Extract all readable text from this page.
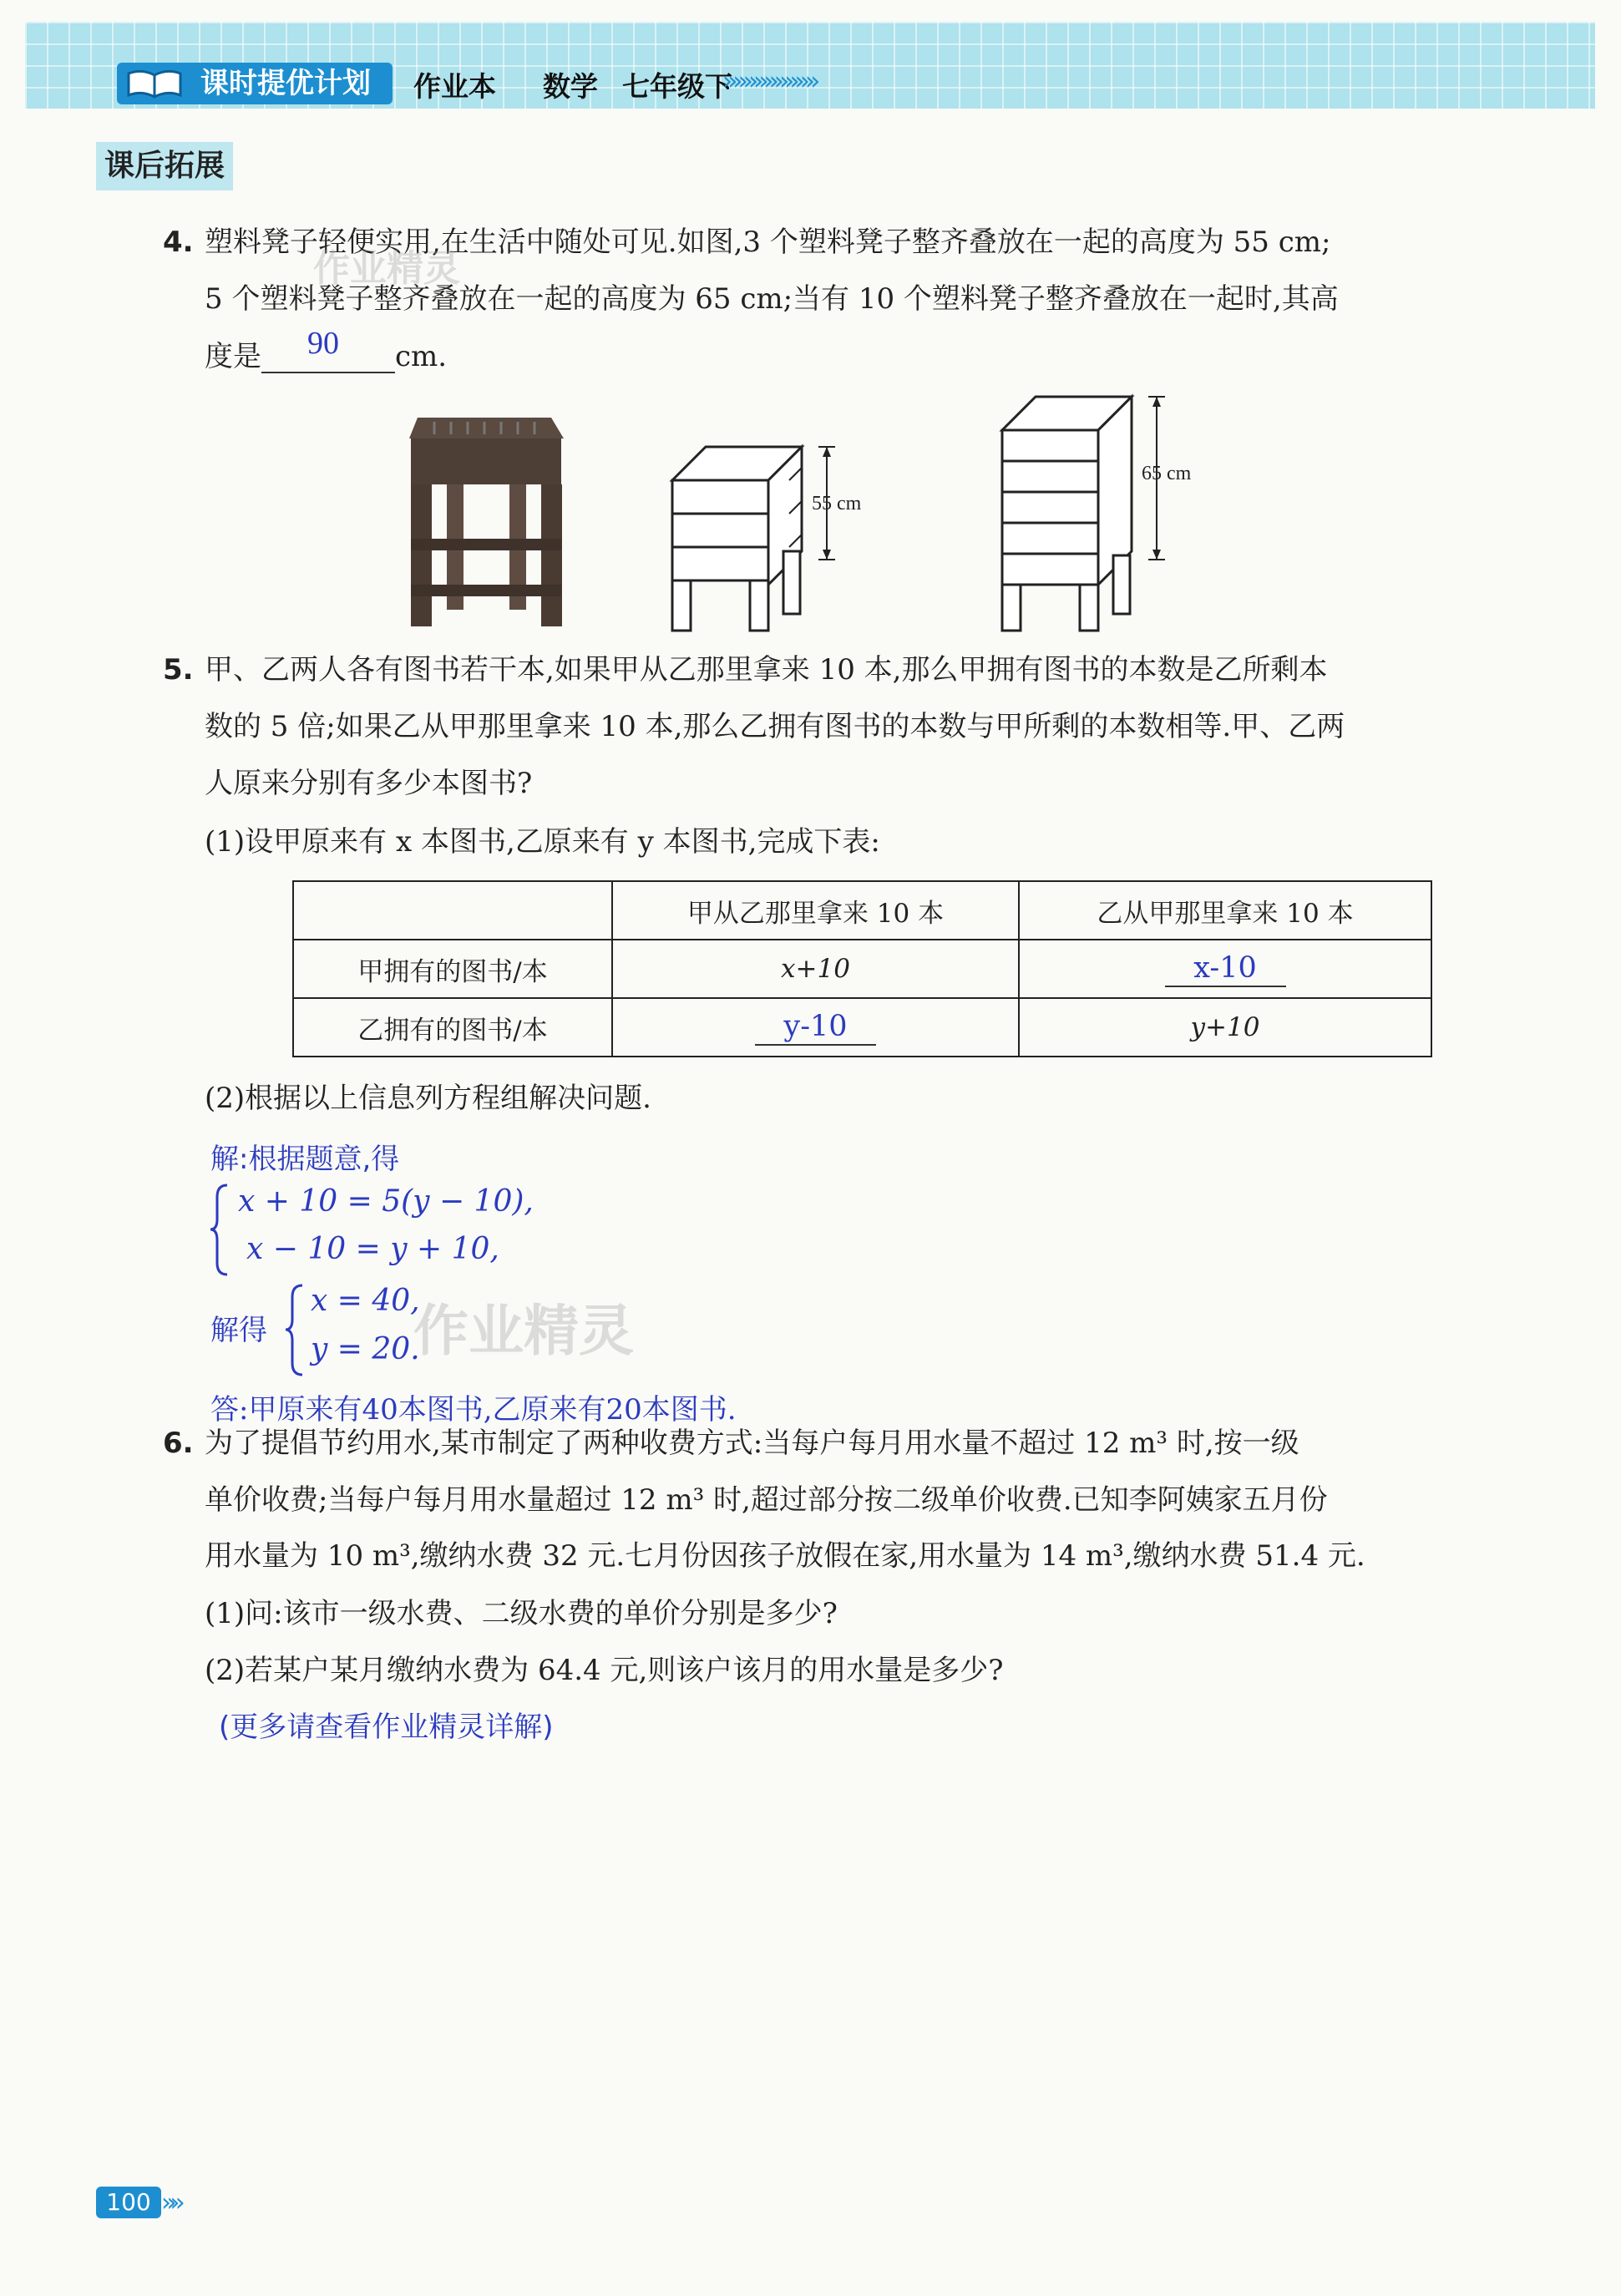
课时提优计划	作业本 数学 七年级下
»»»»»»»»»
课后拓展
4. 塑料凳子轻便实用,在生活中随处可见.如图,3 个塑料凳子整齐叠放在一起的高度为 55 cm;
5 个塑料凳子整齐叠放在一起的高度为 65 cm;当有 10 个塑料凳子整齐叠放在一起时,其高
度是 90 cm.
作业精灵
55 cm
65 cm
5. 甲、乙两人各有图书若干本,如果甲从乙那里拿来 10 本,那么甲拥有图书的本数是乙所剩本
数的 5 倍;如果乙从甲那里拿来 10 本,那么乙拥有图书的本数与甲所剩的本数相等.甲、乙两
人原来分别有多少本图书?
(1)设甲原来有 x 本图书,乙原来有 y 本图书,完成下表:
	甲从乙那里拿来 10 本	乙从甲那里拿来 10 本
甲拥有的图书/本	x+10	x-10
乙拥有的图书/本	y-10	y+10
(2)根据以上信息列方程组解决问题.
解:根据题意,得
x + 10 = 5(y − 10),
x − 10 = y + 10,
解得
x = 40,
y = 20.
作业精灵
答:甲原来有40本图书,乙原来有20本图书.
6. 为了提倡节约用水,某市制定了两种收费方式:当每户每月用水量不超过 12 m³ 时,按一级
单价收费;当每户每月用水量超过 12 m³ 时,超过部分按二级单价收费.已知李阿姨家五月份
用水量为 10 m³,缴纳水费 32 元.七月份因孩子放假在家,用水量为 14 m³,缴纳水费 51.4 元.
(1)问:该市一级水费、二级水费的单价分别是多少?
(2)若某户某月缴纳水费为 64.4 元,则该户该月的用水量是多少?
(更多请查看作业精灵详解)
100 »»
